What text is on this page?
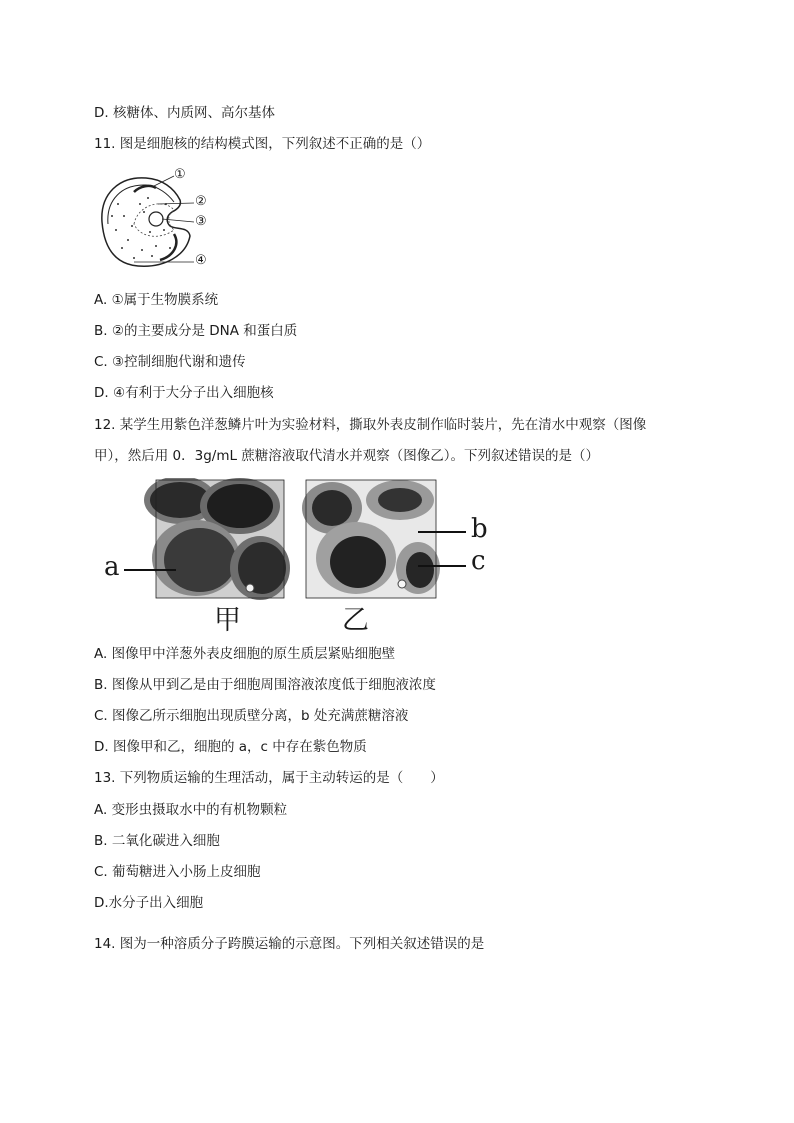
D. 核糖体、内质网、高尔基体
11. 图是细胞核的结构模式图，下列叙述不正确的是（）
①
②
③
④
A. ①属于生物膜系统
B. ②的主要成分是 DNA 和蛋白质
C. ③控制细胞代谢和遗传
D. ④有利于大分子出入细胞核
12. 某学生用紫色洋葱鳞片叶为实验材料，撕取外表皮制作临时装片，先在清水中观察（图像
甲），然后用 0．3g/mL 蔗糖溶液取代清水并观察（图像乙）。下列叙述错误的是（）
a
b
c
甲	乙
A. 图像甲中洋葱外表皮细胞的原生质层紧贴细胞壁
B. 图像从甲到乙是由于细胞周围溶液浓度低于细胞液浓度
C. 图像乙所示细胞出现质壁分离，b 处充满蔗糖溶液
D. 图像甲和乙，细胞的 a，c 中存在紫色物质
13. 下列物质运输的生理活动，属于主动转运的是（　　）
A. 变形虫摄取水中的有机物颗粒
B. 二氧化碳进入细胞
C. 葡萄糖进入小肠上皮细胞
D.水分子出入细胞
14. 图为一种溶质分子跨膜运输的示意图。下列相关叙述错误的是
